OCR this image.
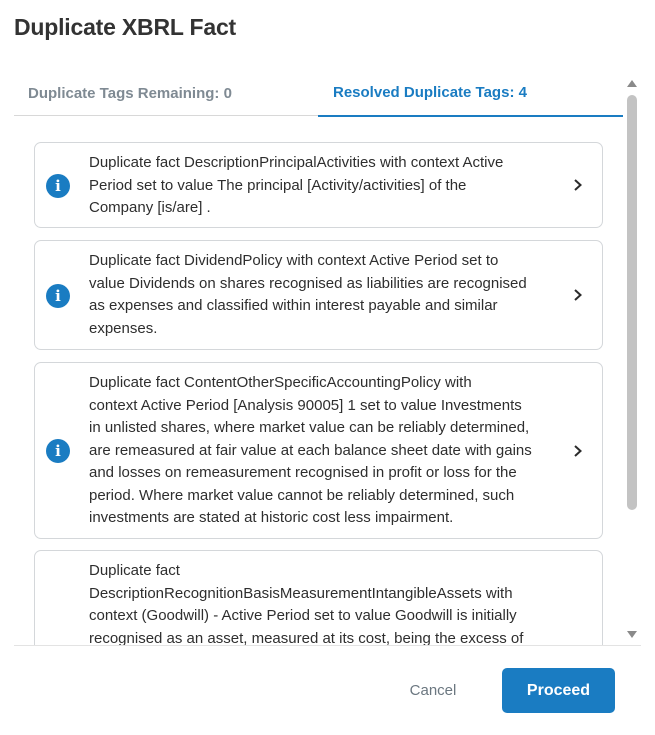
Duplicate XBRL Fact
Duplicate Tags Remaining: 0	Resolved Duplicate Tags: 4
i
Duplicate fact DescriptionPrincipalActivities with context Active
Period set to value The principal [Activity/activities] of the
Company [is/are] .
i
Duplicate fact DividendPolicy with context Active Period set to
value Dividends on shares recognised as liabilities are recognised
as expenses and classified within interest payable and similar
expenses.
i
Duplicate fact ContentOtherSpecificAccountingPolicy with
context Active Period [Analysis 90005] 1 set to value Investments
in unlisted shares, where market value can be reliably determined,
are remeasured at fair value at each balance sheet date with gains
and losses on remeasurement recognised in profit or loss for the
period. Where market value cannot be reliably determined, such
investments are stated at historic cost less impairment.
Duplicate fact
DescriptionRecognitionBasisMeasurementIntangibleAssets with
context (Goodwill) - Active Period set to value Goodwill is initially
recognised as an asset, measured at its cost, being the excess of
Cancel	Proceed
